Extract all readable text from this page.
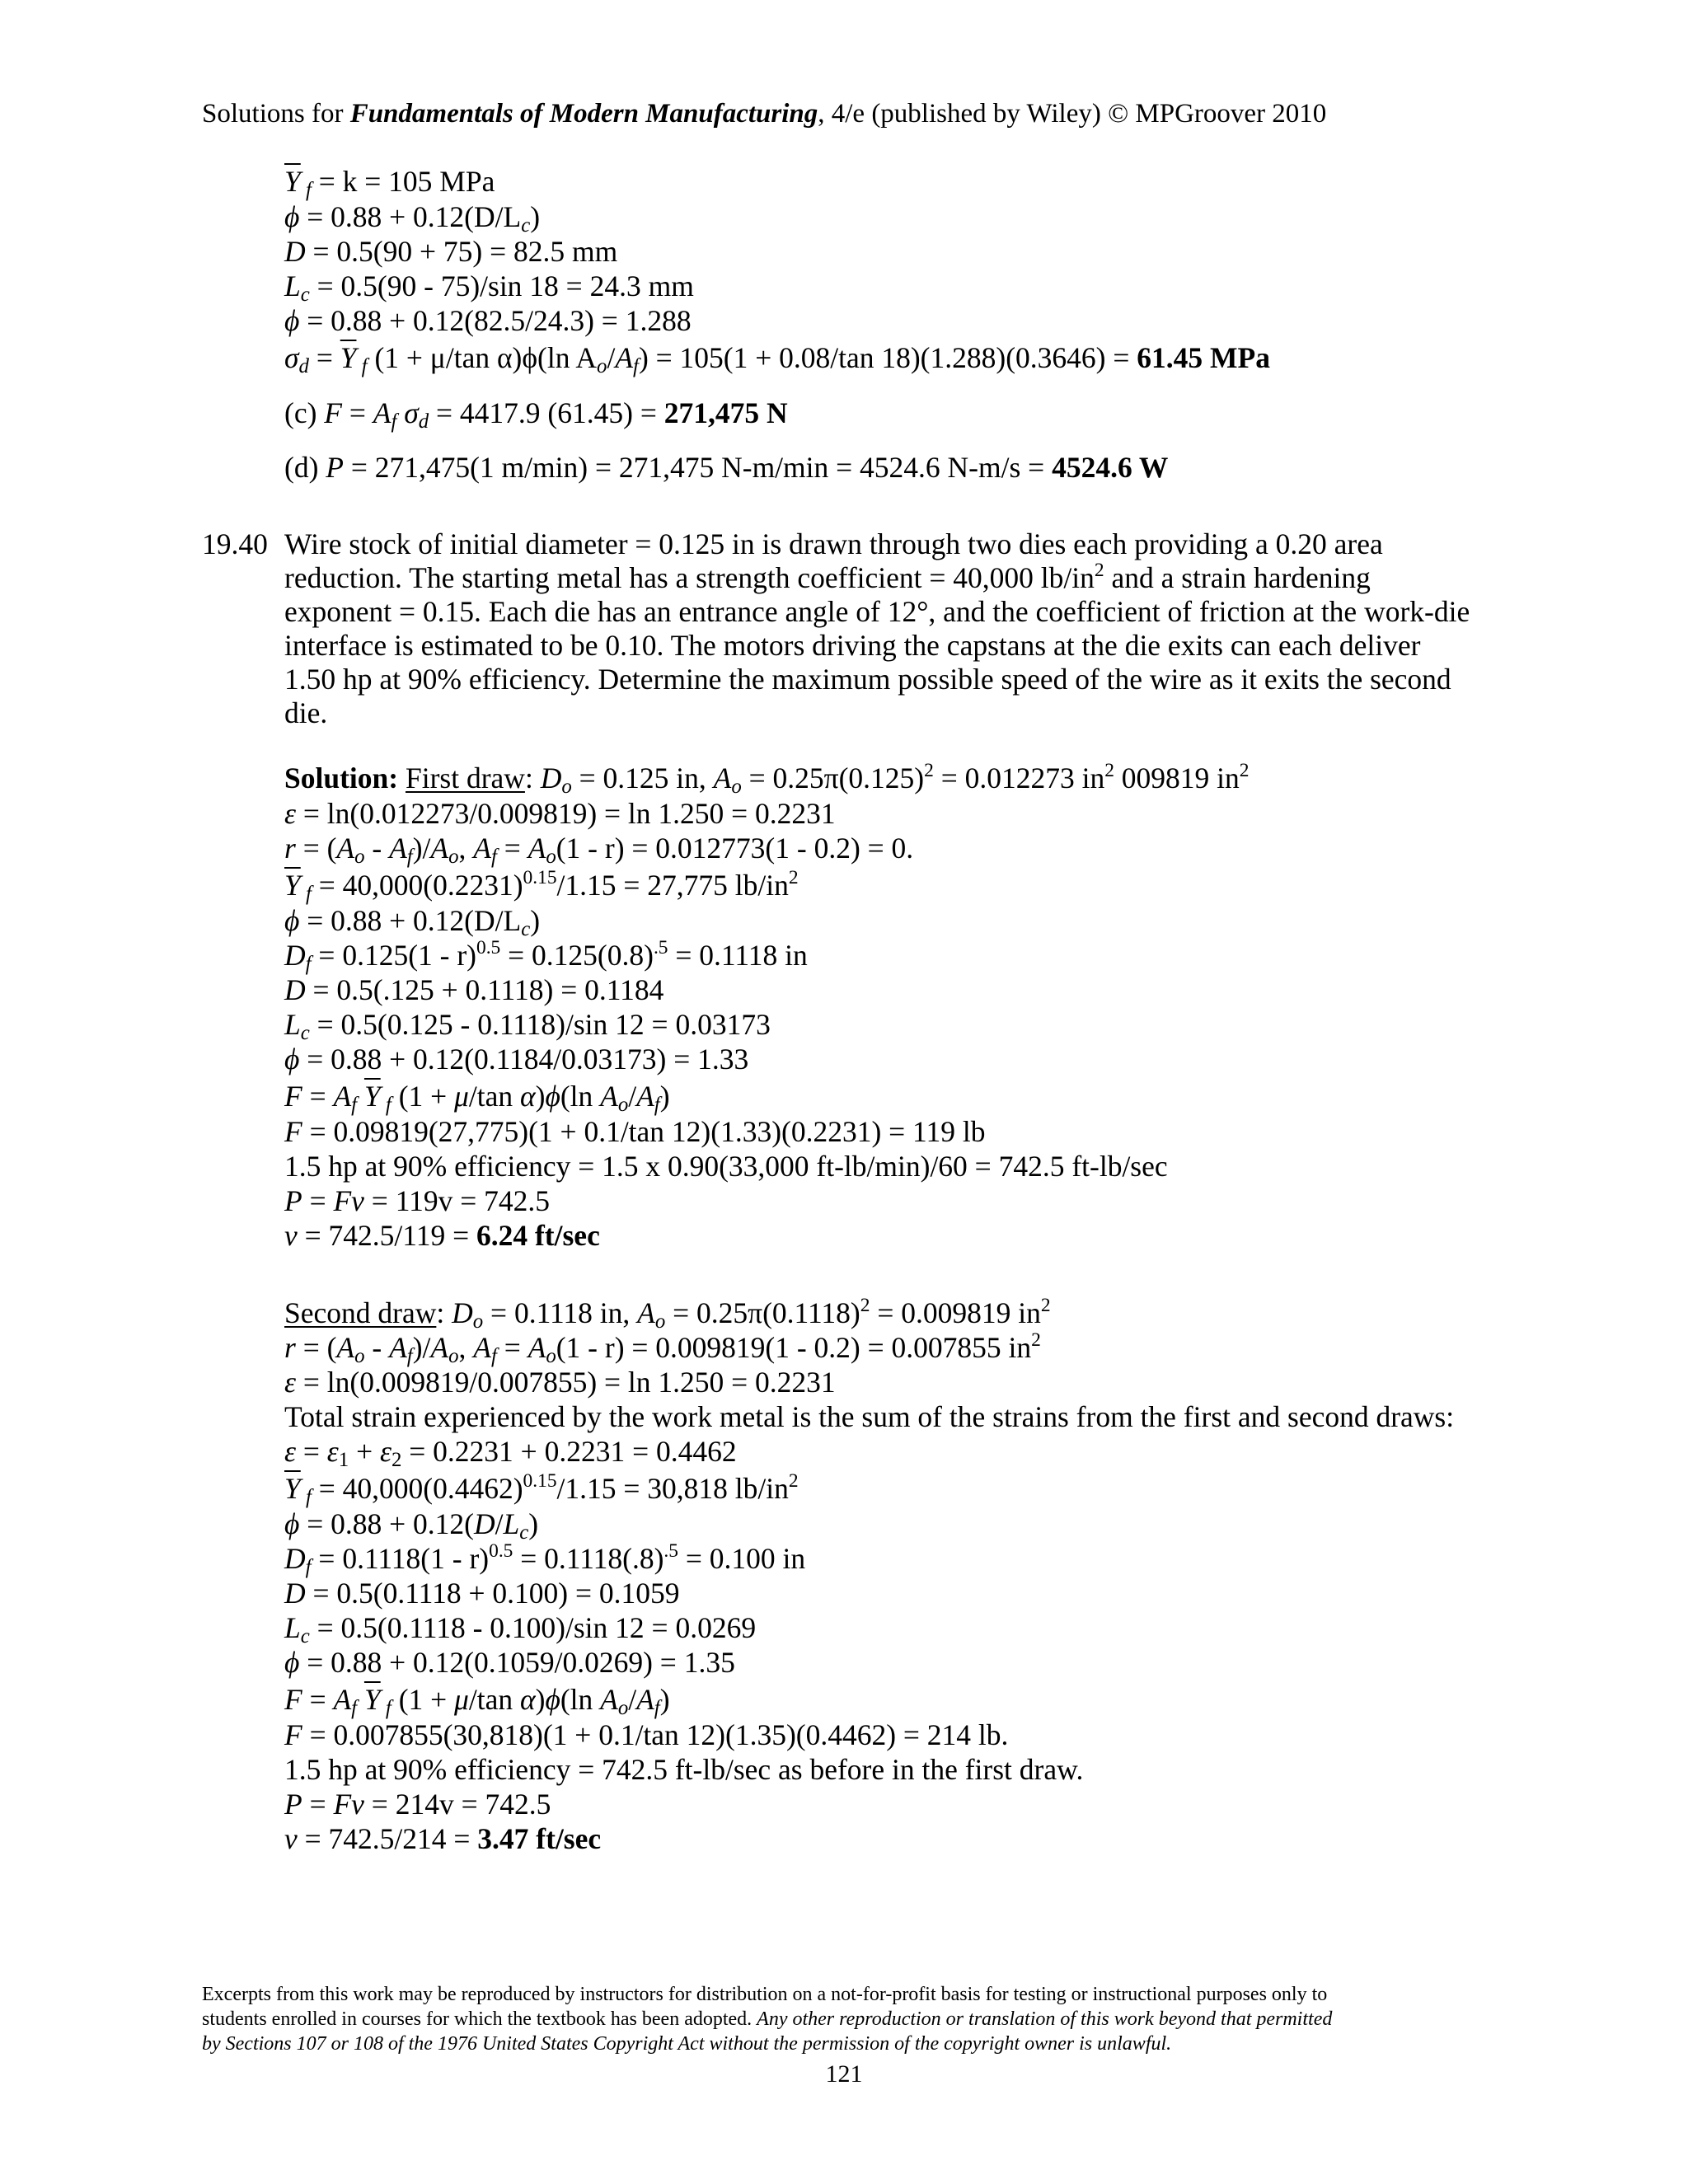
Solutions for Fundamentals of Modern Manufacturing, 4/e (published by Wiley) © MPGroover 2010
$\overline{Y}$ $_f$ = k = 105 MPa
$\phi = 0.88 + 0.12(D/L_c)$
D = 0.5(90 + 75) = 82.5 mm
$L_c = 0.5(90 - 75)/\sin$ 18 = 24.3 mm
ϕ = 0.88 + 0.12(82.5/24.3) = 1.288
$\sigma_d = \overline{Y}$ $_f$ (1 + μ/tan α)ϕ(ln $A_o/A_f) = 105(1 + 0.08/\tan$ 18)(1.288)(0.3646) = 61.45 MPa
(c) $F = A_f$ $\sigma_d = 4417.9$ (61.45) = 271,475 N
(d) P = 271,475(1 m/min) = 271,475 N-m/min = 4524.6 N-m/s = 4524.6 W
19.40 Wire stock of initial diameter = 0.125 in is drawn through two dies each providing a 0.20 area
reduction. The starting metal has a strength coefficient = 40,000 $lb/in^2$ and a strain hardening
exponent = 0.15. Each die has an entrance angle of 12°, and the coefficient of friction at the work-die
interface is estimated to be 0.10. The motors driving the capstans at the die exits can each deliver
1.50 hp at 90% efficiency. Determine the maximum possible speed of the wire as it exits the second
die.
Solution: First draw: $D_o = 0.125$ in, $A_o = 0.25\pi(0.125)^2 = 0.012273$ $in^2$ 009819 $in^2$
ε = ln(0.012273/0.009819) = ln 1.250 = 0.2231
$r = (A_o - A_f)/A_o$, $A_f = A_o(1 - r) = 0.012773(1 - 0.2) = 0$.
$\overline{Y}$ $_f = 40,000(0.2231)^{0.15}/1.15 = 27,775$ $lb/in^2$
$\phi = 0.88 + 0.12(D/L_c)$
$D_f = 0.125(1 - r)^{0.5} = 0.125(0.8)^{.5} = 0.1118$ in
D = 0.5(.125 + 0.1118) = 0.1184
$L_c = 0.5(0.125 - 0.1118)/\sin$ 12 = 0.03173
ϕ = 0.88 + 0.12(0.1184/0.03173) = 1.33
$F = A_f$ $\overline{Y}$ $_f$ (1 + μ/tan α)ϕ(ln $A_o/A_f$)
F = 0.09819(27,775)(1 + 0.1/tan 12)(1.33)(0.2231) = 119 lb
1.5 hp at 90% efficiency = 1.5 x 0.90(33,000 ft-lb/min)/60 = 742.5 ft-lb/sec
P = Fv = 119v = 742.5
v = 742.5/119 = 6.24 ft/sec
Second draw: $D_o = 0.1118$ in, $A_o = 0.25\pi(0.1118)^2 = 0.009819$ $in^2$
$r = (A_o - A_f)/A_o$, $A_f = A_o(1 - r) = 0.009819(1 - 0.2) = 0.007855$ $in^2$
ε = ln(0.009819/0.007855) = ln 1.250 = 0.2231
Total strain experienced by the work metal is the sum of the strains from the first and second draws:
$\varepsilon = \varepsilon_1 + \varepsilon_2 = 0.2231 + 0.2231 = 0.4462$
$\overline{Y}$ $_f = 40,000(0.4462)^{0.15}/1.15 = 30,818$ $lb/in^2$
$\phi = 0.88 + 0.12(D/L_c)$
$D_f = 0.1118(1 - r)^{0.5} = 0.1118(.8)^{.5} = 0.100$ in
D = 0.5(0.1118 + 0.100) = 0.1059
$L_c = 0.5(0.1118 - 0.100)/\sin$ 12 = 0.0269
ϕ = 0.88 + 0.12(0.1059/0.0269) = 1.35
$F = A_f$ $\overline{Y}$ $_f$ (1 + μ/tan α)ϕ(ln $A_o/A_f$)
F = 0.007855(30,818)(1 + 0.1/tan 12)(1.35)(0.4462) = 214 lb.
1.5 hp at 90% efficiency = 742.5 ft-lb/sec as before in the first draw.
P = Fv = 214v = 742.5
v = 742.5/214 = 3.47 ft/sec
Excerpts from this work may be reproduced by instructors for distribution on a not-for-profit basis for testing or instructional purposes only to
students enrolled in courses for which the textbook has been adopted. Any other reproduction or translation of this work beyond that permitted
by Sections 107 or 108 of the 1976 United States Copyright Act without the permission of the copyright owner is unlawful.
121
